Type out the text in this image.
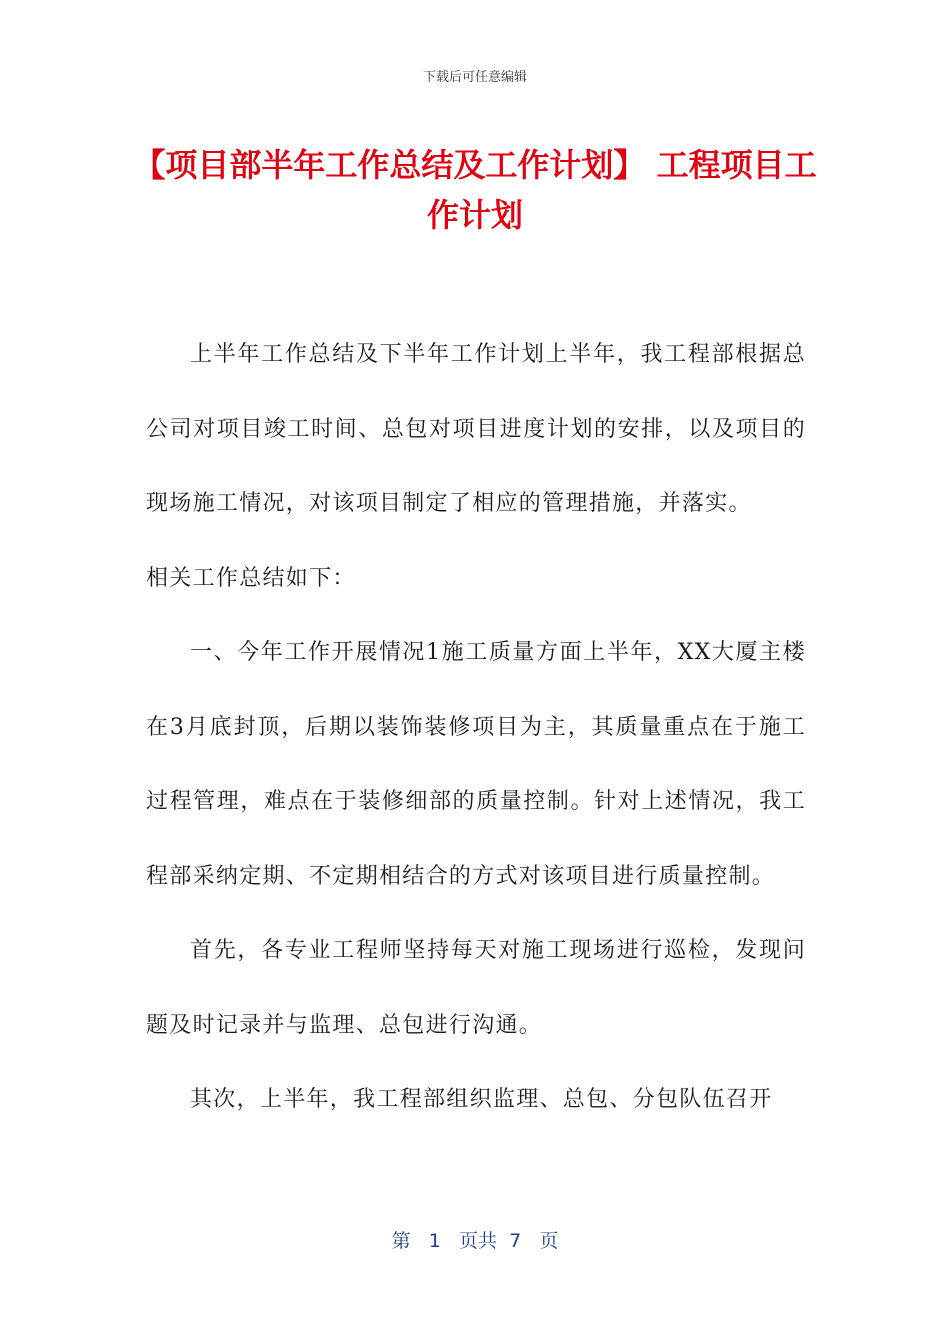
下载后可任意编辑
【项目部半年工作总结及工作计划】 工程项目工作计划

上半年工作总结及下半年工作计划上半年，我工程部根据总公司对项目竣工时间、总包对项目进度计划的安排，以及项目的现场施工情况，对该项目制定了相应的管理措施，并落实。

相关工作总结如下：

一、今年工作开展情况1施工质量方面上半年，XX大厦主楼在3月底封顶，后期以装饰装修项目为主，其质量重点在于施工过程管理，难点在于装修细部的质量控制。针对上述情况，我工程部采纳定期、不定期相结合的方式对该项目进行质量控制。

首先，各专业工程师坚持每天对施工现场进行巡检，发现问题及时记录并与监理、总包进行沟通。

其次，上半年，我工程部组织监理、总包、分包队伍召开

第 1 页共 7 页
